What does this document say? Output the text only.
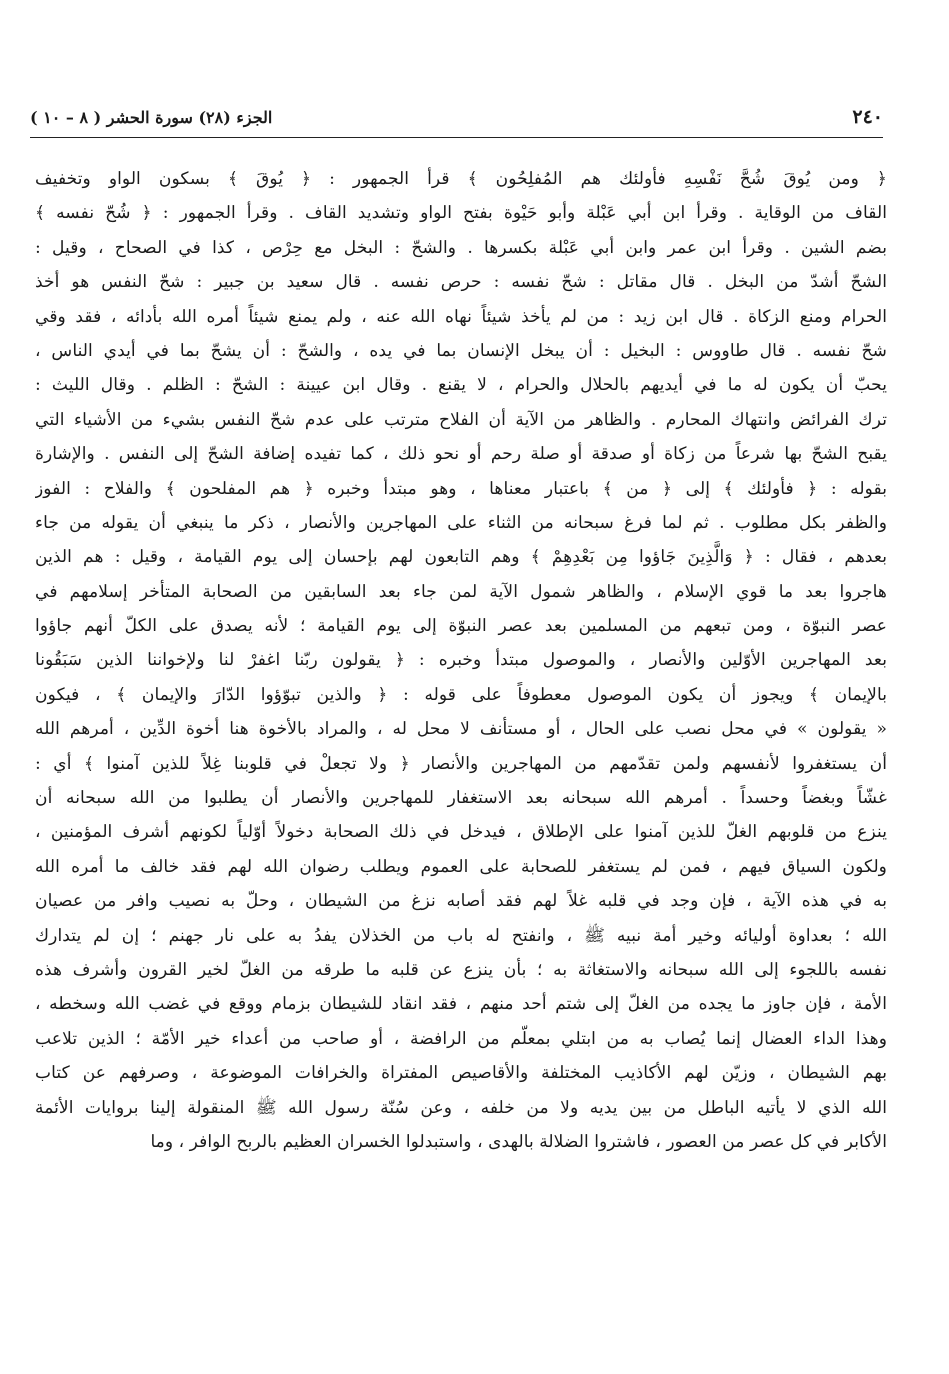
٢٤٠
الجزء (٢٨) سورة الحشر ( ٨ – ١٠ )
﴿ ومن يُوقَ شُحَّ نَفْسِهِ فأولئك هم المُفلِحُون ﴾ قرأ الجمهور : ﴿ يُوقَ ﴾ بسكون الواو وتخفيف
القاف من الوقاية . وقرأ ابن أبي عَبْلة وأبو حَيْوة بفتح الواو وتشديد القاف . وقرأ الجمهور : ﴿ شُحّ نفسه ﴾
بضم الشين . وقرأ ابن عمر وابن أبي عَبْلة بكسرها . والشحّ : البخل مع حِرْص ، كذا في الصحاح ، وقيل :
الشحّ أشدّ من البخل . قال مقاتل : شحّ نفسه : حرص نفسه . قال سعيد بن جبير : شحّ النفس هو أخذ
الحرام ومنع الزكاة . قال ابن زيد : من لم يأخذ شيئاً نهاه الله عنه ، ولم يمنع شيئاً أمره الله بأدائه ، فقد وقي
شحّ نفسه . قال طاووس : البخيل : أن يبخل الإنسان بما في يده ، والشحّ : أن يشحّ بما في أيدي الناس ،
يحبّ أن يكون له ما في أيديهم بالحلال والحرام ، لا يقنع . وقال ابن عيينة : الشحّ : الظلم . وقال الليث :
ترك الفرائض وانتهاك المحارم . والظاهر من الآية أن الفلاح مترتب على عدم شحّ النفس بشيء من الأشياء التي
يقبح الشحّ بها شرعاً من زكاة أو صدقة أو صلة رحم أو نحو ذلك ، كما تفيده إضافة الشحّ إلى النفس . والإشارة
بقوله : ﴿ فأولئك ﴾ إلى ﴿ من ﴾ باعتبار معناها ، وهو مبتدأ وخبره ﴿ هم المفلحون ﴾ والفلاح : الفوز
والظفر بكل مطلوب . ثم لما فرغ سبحانه من الثناء على المهاجرين والأنصار ، ذكر ما ينبغي أن يقوله من جاء
بعدهم ، فقال : ﴿ وَالَّذِينَ جَاؤوا مِن بَعْدِهِمْ ﴾ وهم التابعون لهم بإحسان إلى يوم القيامة ، وقيل : هم الذين
هاجروا بعد ما قوي الإسلام ، والظاهر شمول الآية لمن جاء بعد السابقين من الصحابة المتأخر إسلامهم في
عصر النبوّة ، ومن تبعهم من المسلمين بعد عصر النبوّة إلى يوم القيامة ؛ لأنه يصدق على الكلّ أنهم جاؤوا
بعد المهاجرين الأوّلين والأنصار ، والموصول مبتدأ وخبره : ﴿ يقولون ربّنا اغفرْ لنا ولإخواننا الذين سَبَقُونا
بالإيمان ﴾ ويجوز أن يكون الموصول معطوفاً على قوله : ﴿ والذين تبوّؤوا الدّارَ والإيمان ﴾ ، فيكون
« يقولون » في محل نصب على الحال ، أو مستأنف لا محل له ، والمراد بالأخوة هنا أخوة الدِّين ، أمرهم الله
أن يستغفروا لأنفسهم ولمن تقدّمهم من المهاجرين والأنصار ﴿ ولا تجعلْ في قلوبنا غِلاً للذين آمنوا ﴾ أي :
غشّاً وبغضاً وحسداً . أمرهم الله سبحانه بعد الاستغفار للمهاجرين والأنصار أن يطلبوا من الله سبحانه أن
ينزع من قلوبهم الغلّ للذين آمنوا على الإطلاق ، فيدخل في ذلك الصحابة دخولاً أوّلياً لكونهم أشرف المؤمنين ،
ولكون السياق فيهم ، فمن لم يستغفر للصحابة على العموم ويطلب رضوان الله لهم فقد خالف ما أمره الله
به في هذه الآية ، فإن وجد في قلبه غلاً لهم فقد أصابه نزغ من الشيطان ، وحلّ به نصيب وافر من عصيان
الله ؛ بعداوة أوليائه وخير أمة نبيه ﷺ ، وانفتح له باب من الخذلان يفدُ به على نار جهنم ؛ إن لم يتدارك
نفسه باللجوء إلى الله سبحانه والاستغاثة به ؛ بأن ينزع عن قلبه ما طرقه من الغلّ لخير القرون وأشرف هذه
الأمة ، فإن جاوز ما يجده من الغلّ إلى شتم أحد منهم ، فقد انقاد للشيطان بزمام ووقع في غضب الله وسخطه ،
وهذا الداء العضال إنما يُصاب به من ابتلي بمعلّم من الرافضة ، أو صاحب من أعداء خير الأمّة ؛ الذين تلاعب
بهم الشيطان ، وزيّن لهم الأكاذيب المختلفة والأقاصيص المفتراة والخرافات الموضوعة ، وصرفهم عن كتاب
الله الذي لا يأتيه الباطل من بين يديه ولا من خلفه ، وعن سُنّة رسول الله ﷺ المنقولة إلينا بروايات الأئمة
الأكابر في كل عصر من العصور ، فاشتروا الضلالة بالهدى ، واستبدلوا الخسران العظيم بالربح الوافر ، وما
